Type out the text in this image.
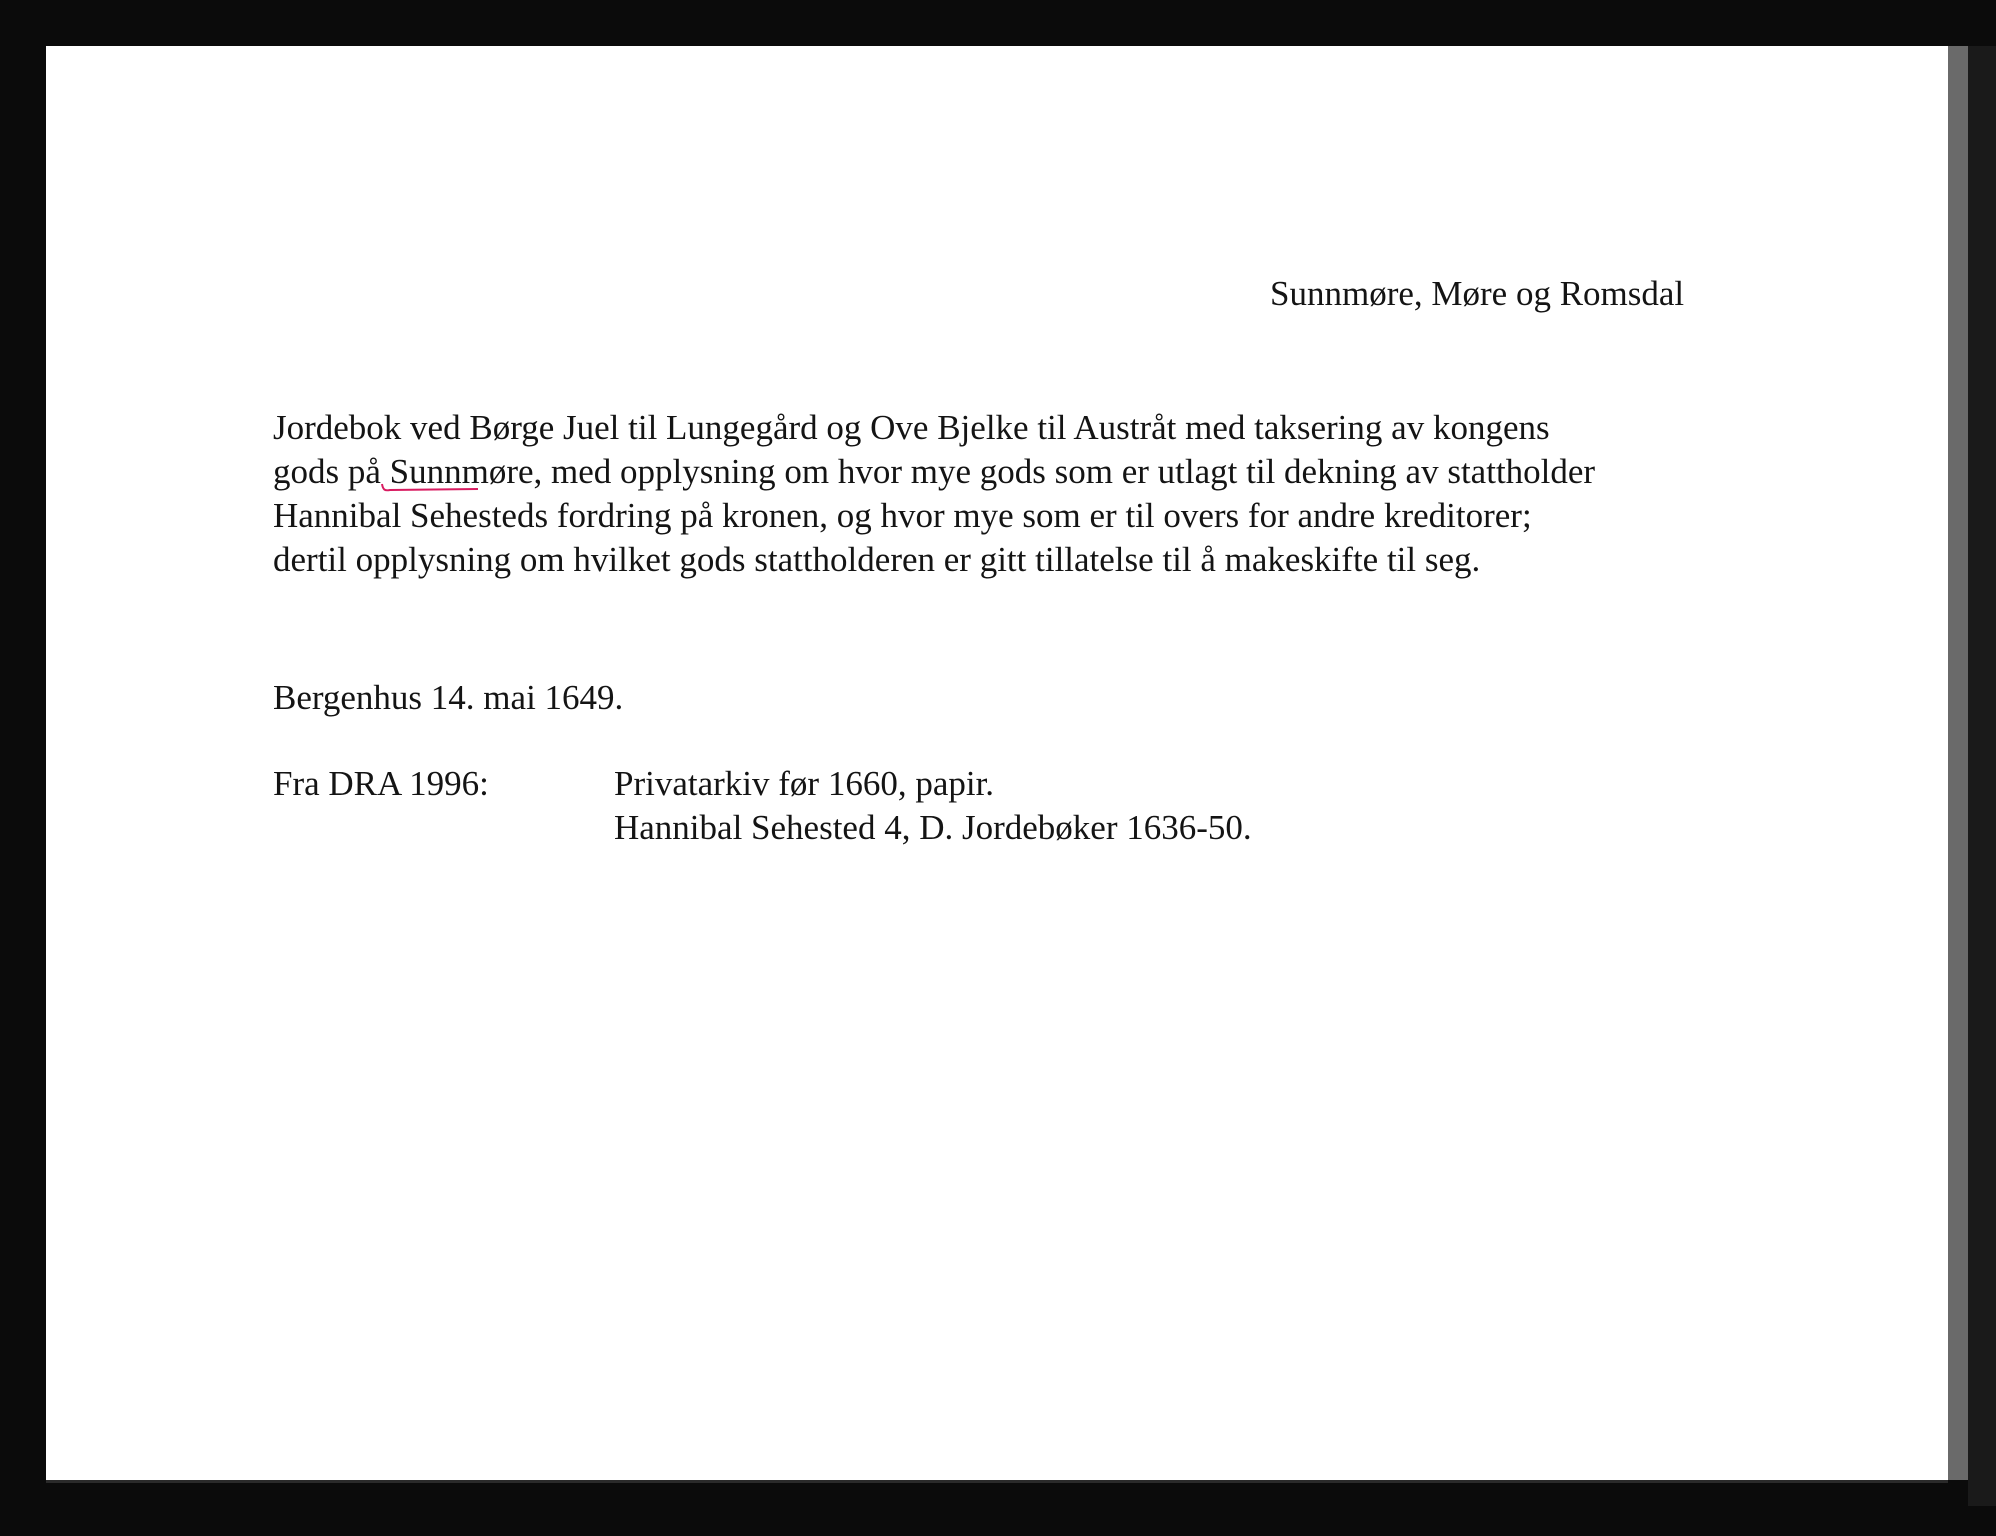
Sunnmøre, Møre og Romsdal
Jordebok ved Børge Juel til Lungegård og Ove Bjelke til Austråt med taksering av kongens
gods på Sunnmøre
, med opplysning om hvor mye gods som er utlagt til dekning av stattholder
Hannibal Sehesteds fordring på kronen, og hvor mye som er til overs for andre kreditorer;
dertil opplysning om hvilket gods stattholderen er gitt tillatelse til å makeskifte til seg.
Bergenhus 14. mai 1649.
Fra DRA 1996:	Privatarkiv før 1660, papir.
Hannibal Sehested 4, D. Jordebøker 1636-50.
